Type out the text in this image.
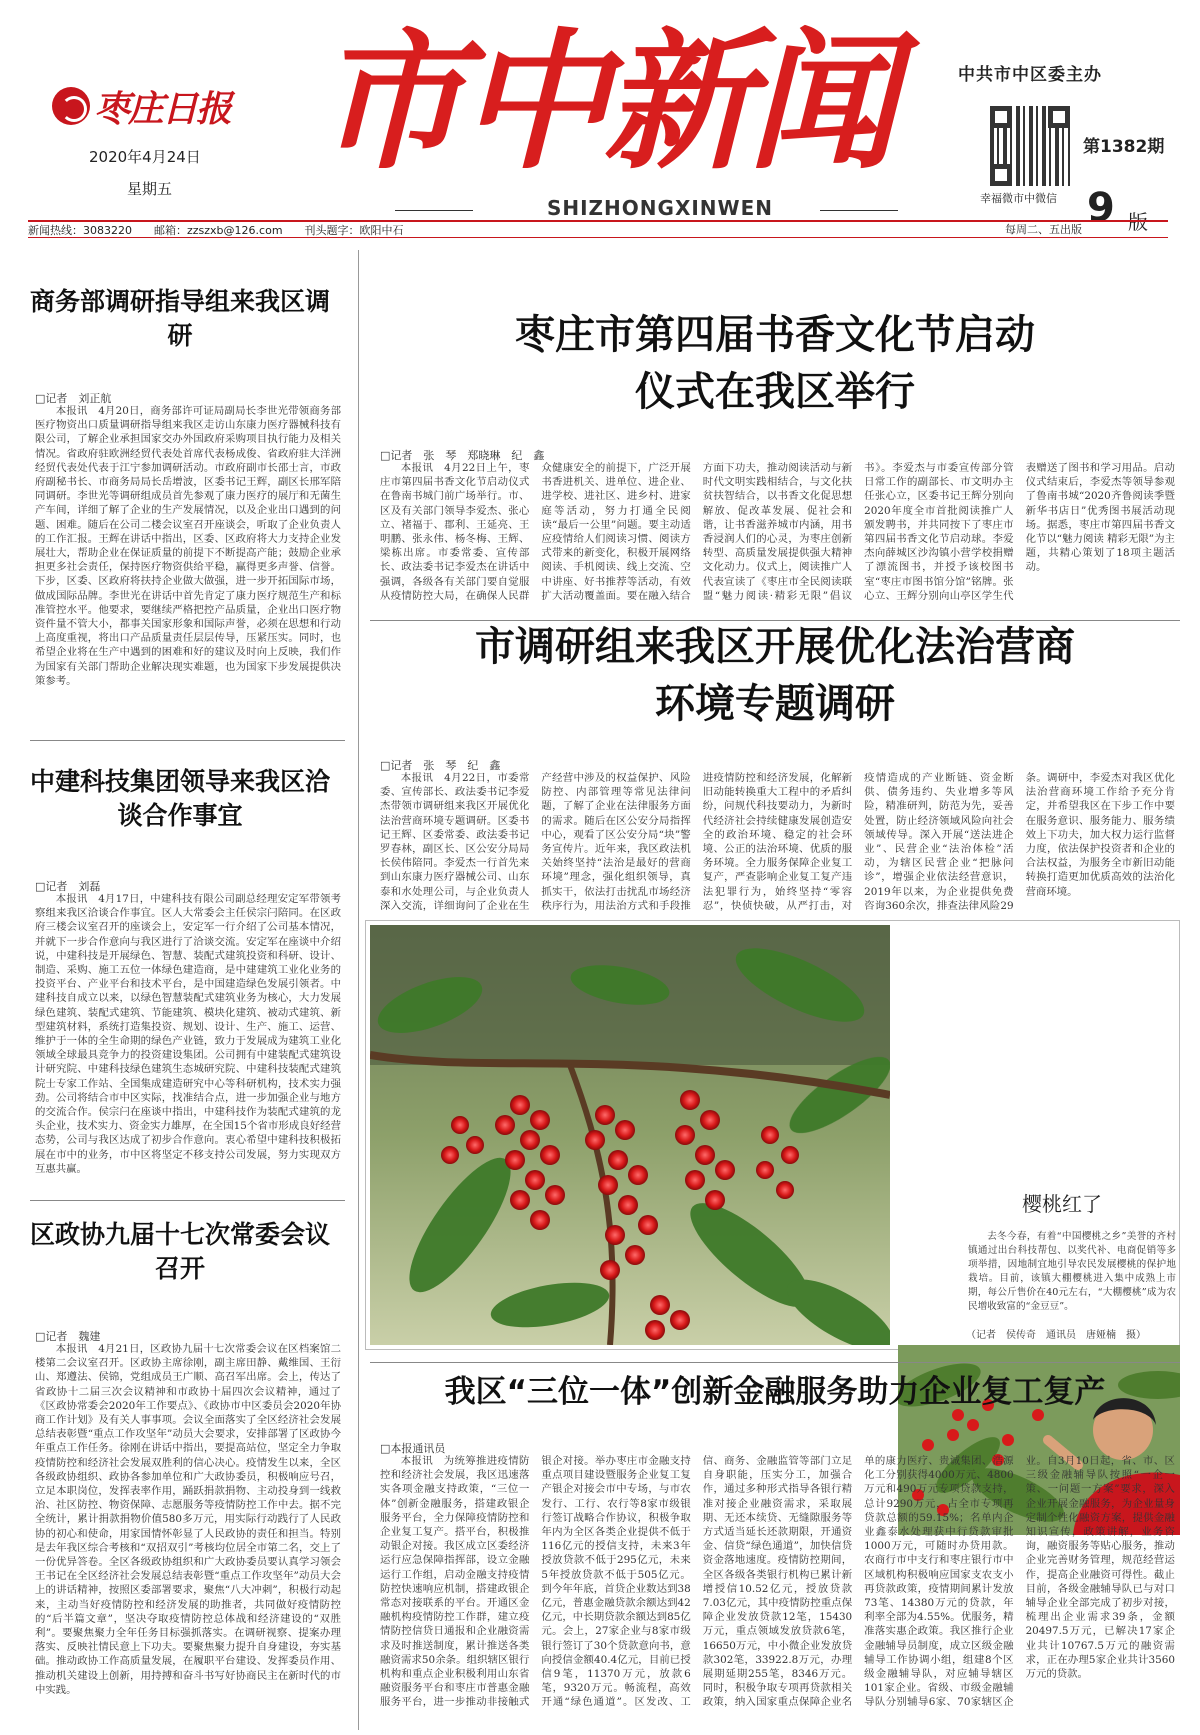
枣庄日报
2020年4月24日
星期五 市中新闻
SHIZHONGXINWEN
中共市中区委主办
幸福微市中微信
第1382期
9 版
新闻热线：3083220 邮箱：zzszxb@126.com 刊头题字：欧阳中石	每周二、五出版
商务部调研指导组来我区调研
□记者　刘正航
本报讯　4月20日，商务部许可证局副局长李世光带领商务部医疗物资出口质量调研指导组来我区走访山东康力医疗器械科技有限公司，了解企业承担国家交办外国政府采购项目执行能力及相关情况。省政府驻欧洲经贸代表处首席代表杨成俊、省政府驻大洋洲经贸代表处代表于江宁参加调研活动。市政府副市长邵士言，市政府副秘书长、市商务局局长岳增波，区委书记王辉，副区长邢军陪同调研。李世光等调研组成员首先参观了康力医疗的展厅和无菌生产车间，详细了解了企业的生产发展情况，以及企业出口遇到的问题、困难。随后在公司二楼会议室召开座谈会，听取了企业负责人的工作汇报。王辉在讲话中指出，区委、区政府将大力支持企业发展壮大，帮助企业在保证质量的前提下不断提高产能；鼓励企业承担更多社会责任，保持医疗物资供给平稳，赢得更多声誉、信誉。下步，区委、区政府将扶持企业做大做强，进一步开拓国际市场，做成国际品牌。李世光在讲话中首先肯定了康力医疗规范生产和标准管控水平。他要求，要继续严格把控产品质量，企业出口医疗物资件量不管大小，都事关国家形象和国际声誉，必须在思想和行动上高度重视，将出口产品质量责任层层传导，压紧压实。同时，也希望企业将在生产中遇到的困难和好的建议及时向上反映，我们作为国家有关部门帮助企业解决现实难题，也为国家下步发展提供决策参考。
中建科技集团领导来我区洽谈合作事宜
□记者　刘磊
本报讯　4月17日，中建科技有限公司副总经理安定军带领考察组来我区洽谈合作事宜。区人大常委会主任侯宗闩陪同。在区政府三楼会议室召开的座谈会上，安定军一行介绍了公司基本情况，并就下一步合作意向与我区进行了洽谈交流。安定军在座谈中介绍说，中建科技是开展绿色、智慧、装配式建筑投资和科研、设计、制造、采购、施工五位一体绿色建造商，是中建建筑工业化业务的投资平台、产业平台和技术平台，是中国建造绿色发展引领者。中建科技自成立以来，以绿色智慧装配式建筑业务为核心，大力发展绿色建筑、装配式建筑、节能建筑、模块化建筑、被动式建筑、新型建筑材料，系统打造集投资、规划、设计、生产、施工、运营、维护于一体的全生命期的绿色产业链，致力于发展成为建筑工业化领域全球最具竞争力的投资建设集团。公司拥有中建装配式建筑设计研究院、中建科技绿色建筑生态城研究院、中建科技装配式建筑院士专家工作站、全国集成建造研究中心等科研机构，技术实力强劲。公司将结合市中区实际，找准结合点，进一步加强企业与地方的交流合作。侯宗闩在座谈中指出，中建科技作为装配式建筑的龙头企业，技术实力、资金实力雄厚，在全国15个省市形成良好经营态势，公司与我区达成了初步合作意向。衷心希望中建科技积极拓展在市中的业务，市中区将坚定不移支持公司发展，努力实现双方互惠共赢。
区政协九届十七次常委会议召开
□记者　魏建
本报讯　4月21日，区政协九届十七次常委会议在区档案馆二楼第二会议室召开。区政协主席徐刚，副主席田静、戴维国、王衍山、郑遵法、侯锦，党组成员王广顺、高召军出席。会上，传达了省政协十二届三次会议精神和市政协十届四次会议精神，通过了《区政协常委会2020年工作要点》、《政协市中区委员会2020年协商工作计划》及有关人事事项。会议全面落实了全区经济社会发展总结表彰暨“重点工作攻坚年”动员大会要求，安排部署了区政协今年重点工作任务。徐刚在讲话中指出，要提高站位，坚定全力争取疫情防控和经济社会发展双胜利的信心决心。疫情发生以来，全区各级政协组织、政协各参加单位和广大政协委员，积极响应号召，立足本职岗位，发挥表率作用，踊跃捐款捐物、主动投身到一线救治、社区防控、物资保障、志愿服务等疫情防控工作中去。据不完全统计，累计捐款捐物价值580多万元，用实际行动践行了人民政协的初心和使命，用家国情怀彰显了人民政协的责任和担当。特别是去年我区综合考核和“双招双引”考核均位居全市第二名，交上了一份优异答卷。全区各级政协组织和广大政协委员要认真学习领会王书记在全区经济社会发展总结表彰暨“重点工作攻坚年”动员大会上的讲话精神，按照区委部署要求，聚焦“八大冲刺”，积极行动起来，主动当好疫情防控和经济发展的助推者，共同做好疫情防控的“后半篇文章”，坚决夺取疫情防控总体战和经济建设的“双胜利”。要聚焦聚力全年任务目标强抓落实。在调研视察、提案办理落实、反映社情民意上下功夫。要聚焦聚力提升自身建设，夯实基础。推动政协工作高质量发展，在履职平台建设、发挥委员作用、推动机关建设上创新，用持搏和奋斗书写好协商民主在新时代的市中实践。
枣庄市第四届书香文化节启动
仪式在我区举行
□记者　张　琴　郑晓琳　纪　鑫
本报讯　4月22日上午，枣庄市第四届书香文化节启动仪式在鲁南书城门前广场举行。市、区及有关部门领导李爱杰、张心立、褚福于、郡利、王延亮、王明鹏、张永伟、杨冬梅、王辉、梁栋出席。市委常委、宣传部长、政法委书记李爱杰在讲话中强调，各级各有关部门要自觉服从疫情防控大局，在确保人民群众健康安全的前提下，广泛开展书香进机关、进单位、进企业、进学校、进社区、进乡村、进家庭等活动，努力打通全民阅读“最后一公里”问题。要主动适应疫情给人们阅读习惯、阅读方式带来的新变化，积极开展网络阅读、手机阅读、线上交流、空中讲座、好书推荐等活动，有效扩大活动覆盖面。要在融入结合方面下功夫，推动阅读活动与新时代文明实践相结合，与文化扶贫扶智结合，以书香文化促思想解放、促改革发展、促社会和谐，让书香滋养城市内涵，用书香浸润人们的心灵，为枣庄创新转型、高质量发展提供强大精神文化动力。仪式上，阅读推广人代表宣读了《枣庄市全民阅读联盟“魅力阅读·精彩无限”倡议书》。李爱杰与市委宣传部分管日常工作的副部长、市文明办主任张心立，区委书记王辉分别向2020年度全市首批阅读推广人颁发聘书，并共同按下了枣庄市第四届书香文化节启动球。李爱杰向薛城区沙沟镇小营学校捐赠了漂流图书，并授予该校图书室“枣庄市图书馆分馆”铭牌。张心立、王辉分别向山亭区学生代表赠送了图书和学习用品。启动仪式结束后，李爱杰等领导参观了鲁南书城“2020齐鲁阅读季暨新华书店日”优秀图书展活动现场。据悉，枣庄市第四届书香文化节以“魅力阅读 精彩无限”为主题，共精心策划了18项主题活动。
市调研组来我区开展优化法治营商
环境专题调研
□记者　张　琴　纪　鑫
本报讯　4月22日，市委常委、宣传部长、政法委书记李爱杰带领市调研组来我区开展优化法治营商环境专题调研。区委书记王辉、区委常委、政法委书记罗春林，副区长、区公安分局局长侯伟陪同。李爱杰一行首先来到山东康力医疗器械公司、山东泰和水处理公司，与企业负责人深入交流，详细询问了企业在生产经营中涉及的权益保护、风险防控、内部管理等常见法律问题，了解了企业在法律服务方面的需求。随后在区公安分局指挥中心，观看了区公安分局“块”警务宣传片。近年来，我区政法机关始终坚持“法治是最好的营商环境”理念，强化组织领导，真抓实干，依法打击扰乱市场经济秩序行为，用法治方式和手段推进疫情防控和经济发展，化解新旧动能转换重大工程中的矛盾纠纷，问规代科技要动力，为新时代经济社会持续健康发展创造安全的政治环境、稳定的社会环境、公正的法治环境、优质的服务环境。全力服务保障企业复工复产，严查影响企业复工复产违法犯罪行为，始终坚持“零容忍”，快侦快破，从严打击，对疫情造成的产业断链、资金断供、债务违约、失业增多等风险，精准研判，防范为先，妥善处置，防止经济领域风险向社会领域传导。深入开展“送法进企业”、民营企业“法治体检”活动，为辖区民营企业“把脉问诊”，增强企业依法经营意识，2019年以来，为企业提供免费咨询360余次，排查法律风险29条。调研中，李爱杰对我区优化法治营商环境工作给予充分肯定，并希望我区在下步工作中要在服务意识、服务能力、服务绩效上下功夫，加大权力运行监督力度，依法保护投资者和企业的合法权益，为服务全市新旧动能转换打造更加优质高效的法治化营商环境。
樱桃红了
去冬今春，有着“中国樱桃之乡”美誉的齐村镇通过出台科技帮包、以奖代补、电商促销等多项举措，因地制宜地引导农民发展樱桃的保护地栽培。目前，该镇大棚樱桃进入集中成熟上市期，每公斤售价在40元左右，“大棚樱桃”成为农民增收致富的“金豆豆”。
（记者　侯传奇　通讯员　唐娅楠　摄）
我区“三位一体”创新金融服务助力企业复工复产
□本报通讯员
本报讯　为统筹推进疫情防控和经济社会发展，我区迅速落实各项金融支持政策，“三位一体”创新金融服务，搭建政银企服务平台，全力保障疫情防控和企业复工复产。搭平台，积极推动银企对接。我区成立区委经济运行应急保障指挥部，设立金融运行工作组，启动金融支持疫情防控快速响应机制，搭建政银企常态对接联系的平台。开通区金融机构疫情防控工作群，建立疫情防控信贷日通报和企业融资需求及时推送制度，累计推送各类融资需求50余条。组织辖区银行机构和重点企业积极利用山东省融资服务平台和枣庄市普惠金融服务平台，进一步推动非接触式银企对接。举办枣庄市金融支持重点项目建设暨服务企业复工复产银企对接会市中专场，与市农发行、工行、农行等8家市级银行签订战略合作协议，积极争取年内为全区各类企业提供不低于116亿元的授信支持，未来3年授放贷款不低于295亿元，未来5年授放贷款不低于505亿元。到今年年底，首贷企业数达到38亿元，普惠金融贷款余额达到42亿元，中长期贷款余额达到85亿元。会上，27家企业与8家市级银行签订了30个贷款意向书，意向授信金额40.4亿元，目前已授信9笔，11370万元，放款6笔，9320万元。畅流程，高效开通“绿色通道”。区发改、工信、商务、金融监管等部门立足自身职能，压实分工，加强合作，通过多种形式指导各银行精准对接企业融资需求，采取展期、无还本续贷、无缝隙服务等方式适当延长还款期限，开通资金、信贷“绿色通道”，加快信贷资金落地速度。疫情防控期间，全区各级各类银行机构已累计新增授信10.52亿元，授放贷款7.03亿元，其中疫情防控重点保障企业发放贷款12笔，15430万元，重点领域发放贷款6笔，16650万元，中小微企业发放贷款302笔，33922.8万元，办理展期延期255笔，8346万元。同时，积极争取专项再贷款相关政策，纳入国家重点保障企业名单的康力医疗、贵诚集团、浩源化工分别获得4000万元、4800万元和490万元专项贷款支持，总计9290万元，占全市专项再贷款总额的59.15%；名单内企业鑫泰水处理获中行贷款审批1000万元，可随时办贷用款。农商行市中支行和枣庄银行市中区域机构积极响应国家支农支小再贷款政策，疫情期间累计发放73笔、14380万元的贷款，年利率全部为4.55%。优服务，精准落实惠企政策。我区推行企业金融辅导员制度，成立区级金融辅导工作协调小组，组建8个区级金融辅导队，对应辅导辖区101家企业。省级、市级金融辅导队分别辅导6家、70家辖区企业。自3月10日起，省、市、区三级金融辅导队按照“一企一策、一问题一方案”要求，深入企业开展金融服务，为企业量身定制个性化融资方案，提供金融知识宣传，政策讲解，业务咨询，融资服务等贴心服务，推动企业完善财务管理，规范经营运作，提高企业融资可得性。截止目前，各级金融辅导队已与对口辅导企业全部完成了初步对接，梳理出企业需求39条，金额20497.5万元，已解决17家企业共计10767.5万元的融资需求，正在办理5家企业共计3560万元的贷款。
